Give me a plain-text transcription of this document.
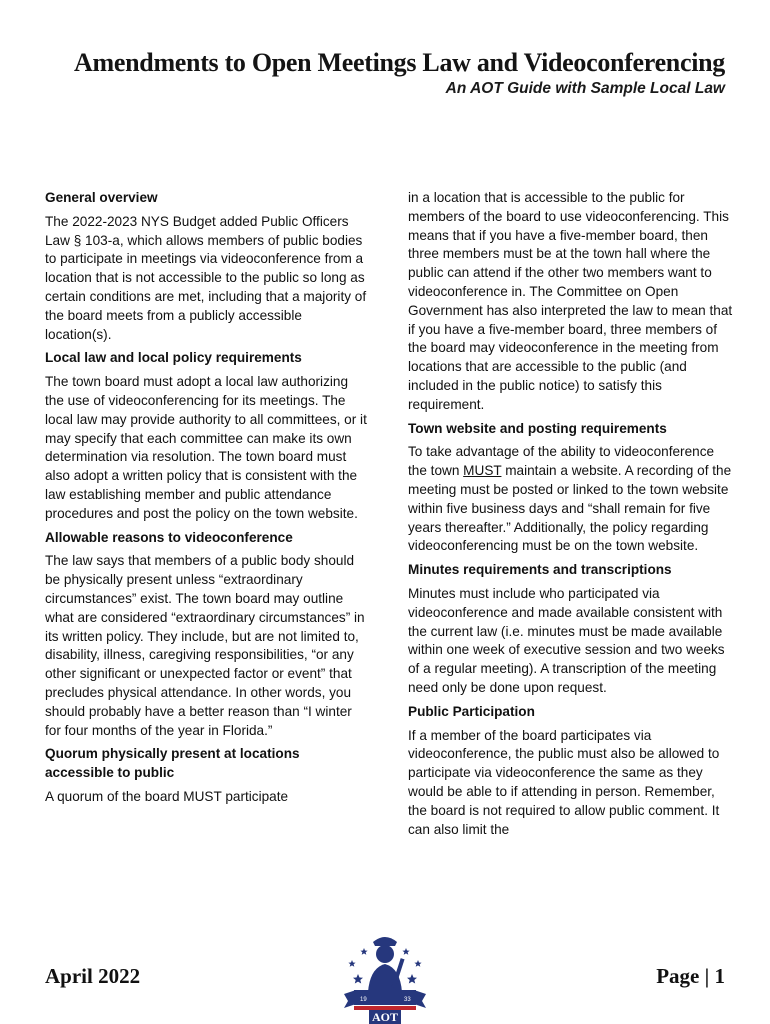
Amendments to Open Meetings Law and Videoconferencing
An AOT Guide with Sample Local Law
General overview

The 2022-2023 NYS Budget added Public Officers Law § 103-a, which allows members of public bodies to participate in meetings via videoconference from a location that is not accessible to the public so long as certain conditions are met, including that a majority of the board meets from a publicly accessible location(s).

Local law and local policy requirements

The town board must adopt a local law authorizing the use of videoconferencing for its meetings. The local law may provide authority to all committees, or it may specify that each committee can make its own determination via resolution. The town board must also adopt a written policy that is consistent with the law establishing member and public attendance procedures and post the policy on the town website.

Allowable reasons to videoconference

The law says that members of a public body should be physically present unless “extraordinary circumstances” exist. The town board may outline what are considered “extraordinary circumstances” in its written policy. They include, but are not limited to, disability, illness, caregiving responsibilities, “or any other significant or unexpected factor or event” that precludes physical attendance. In other words, you should probably have a better reason than “I winter for four months of the year in Florida.”

Quorum physically present at locations accessible to public

A quorum of the board MUST participate

in a location that is accessible to the public for members of the board to use videoconferencing. This means that if you have a five-member board, then three members must be at the town hall where the public can attend if the other two members want to videoconference in. The Committee on Open Government has also interpreted the law to mean that if you have a five-member board, three members of the board may videoconference in the meeting from locations that are accessible to the public (and included in the public notice) to satisfy this requirement.

Town website and posting requirements

To take advantage of the ability to videoconference the town MUST maintain a website. A recording of the meeting must be posted or linked to the town website within five business days and “shall remain for five years thereafter.” Additionally, the policy regarding videoconferencing must be on the town website.

Minutes requirements and transcriptions

Minutes must include who participated via videoconference and made available consistent with the current law (i.e. minutes must be made available within one week of executive session and two weeks of a regular meeting). A transcription of the meeting need only be done upon request.

Public Participation

If a member of the board participates via videoconference, the public must also be allowed to participate via videoconference the same as they would be able to if attending in person. Remember, the board is not required to allow public comment. It can also limit the

April 2022	Page | 1
19	33
AOT
